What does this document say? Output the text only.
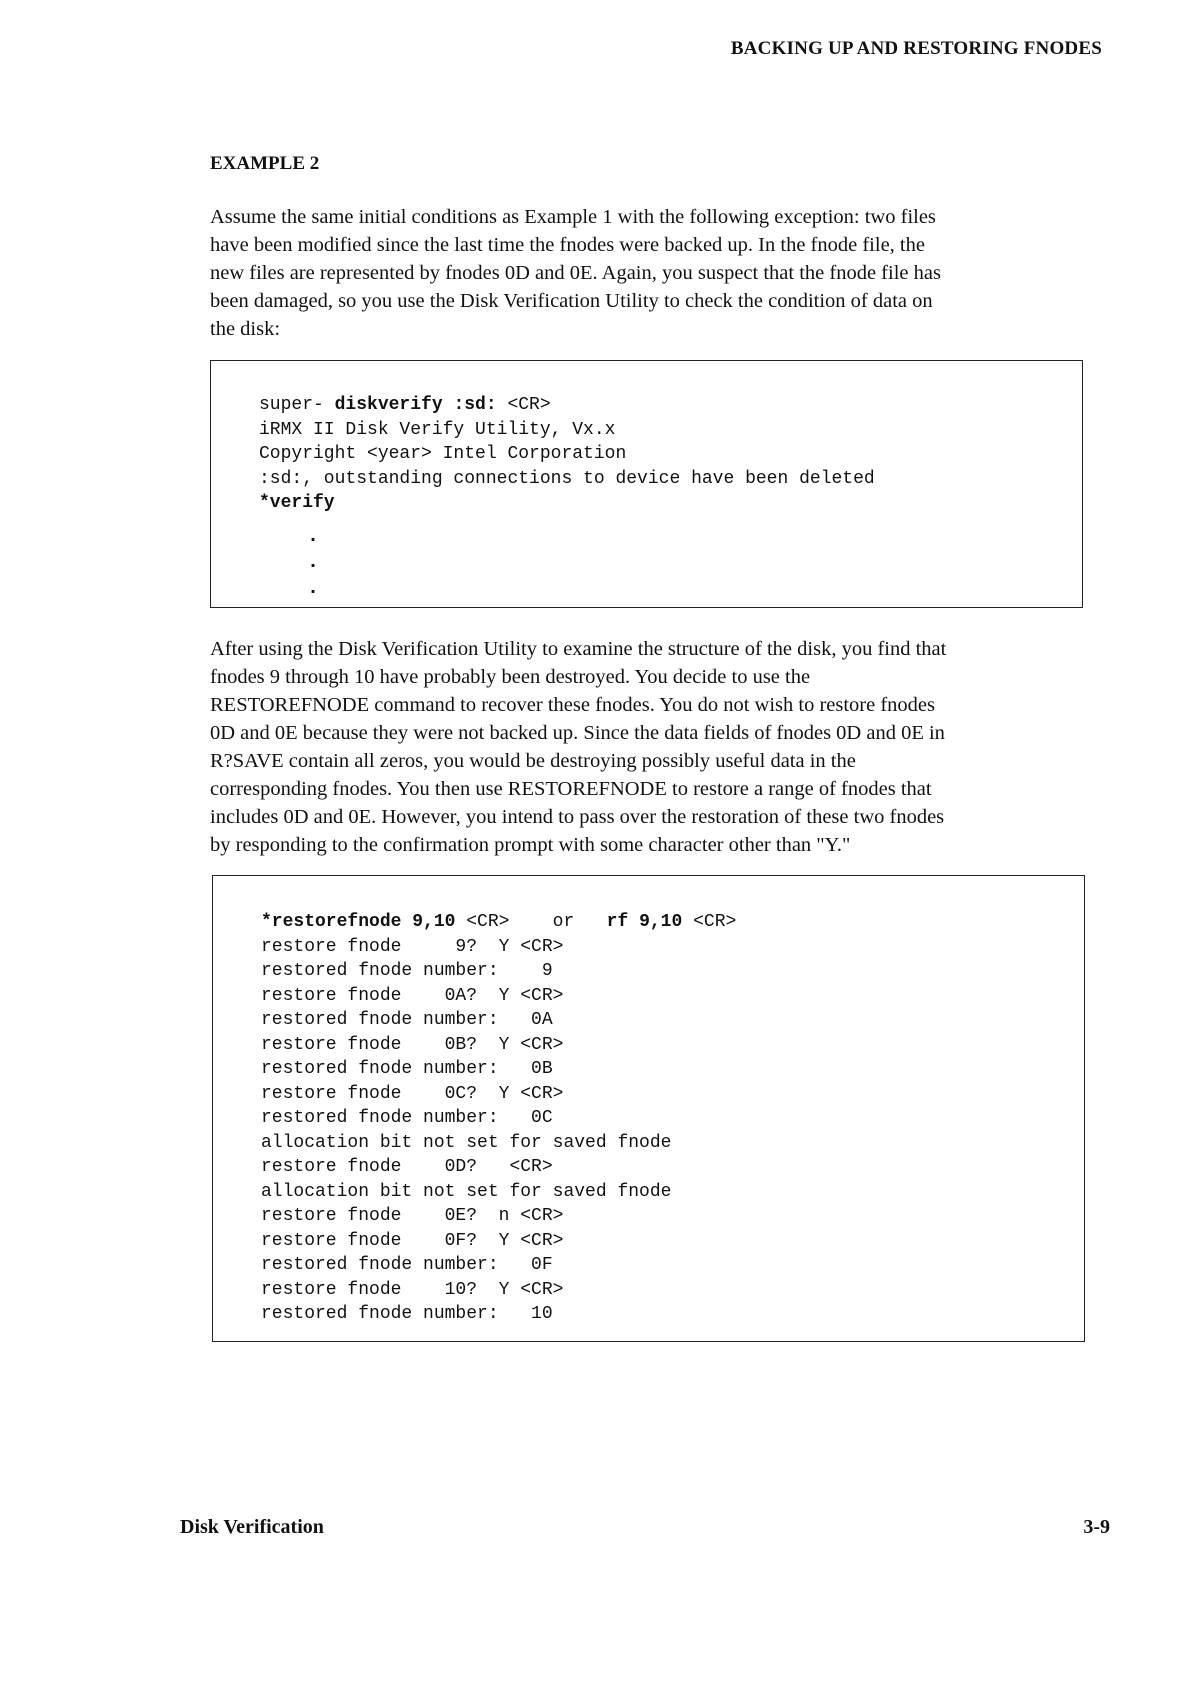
BACKING UP AND RESTORING FNODES
EXAMPLE 2

Assume the same initial conditions as Example 1 with the following exception: two files
have been modified since the last time the fnodes were backed up. In the fnode file, the
new files are represented by fnodes 0D and 0E. Again, you suspect that the fnode file has
been damaged, so you use the Disk Verification Utility to check the condition of data on
the disk:

super- diskverify :sd: <CR>
iRMX II Disk Verify Utility, Vx.x
Copyright <year> Intel Corporation
:sd:, outstanding connections to device have been deleted
*verify
.
.
.

After using the Disk Verification Utility to examine the structure of the disk, you find that
fnodes 9 through 10 have probably been destroyed. You decide to use the
RESTOREFNODE command to recover these fnodes. You do not wish to restore fnodes
0D and 0E because they were not backed up. Since the data fields of fnodes 0D and 0E in
R?SAVE contain all zeros, you would be destroying possibly useful data in the
corresponding fnodes. You then use RESTOREFNODE to restore a range of fnodes that
includes 0D and 0E. However, you intend to pass over the restoration of these two fnodes
by responding to the confirmation prompt with some character other than "Y."

*restorefnode 9,10 <CR>    or   rf 9,10 <CR>
restore fnode     9?  Y <CR>
restored fnode number:    9
restore fnode    0A?  Y <CR>
restored fnode number:   0A
restore fnode    0B?  Y <CR>
restored fnode number:   0B
restore fnode    0C?  Y <CR>
restored fnode number:   0C
allocation bit not set for saved fnode
restore fnode    0D?   <CR>
allocation bit not set for saved fnode
restore fnode    0E?  n <CR>
restore fnode    0F?  Y <CR>
restored fnode number:   0F
restore fnode    10?  Y <CR>
restored fnode number:   10
Disk Verification	3-9
